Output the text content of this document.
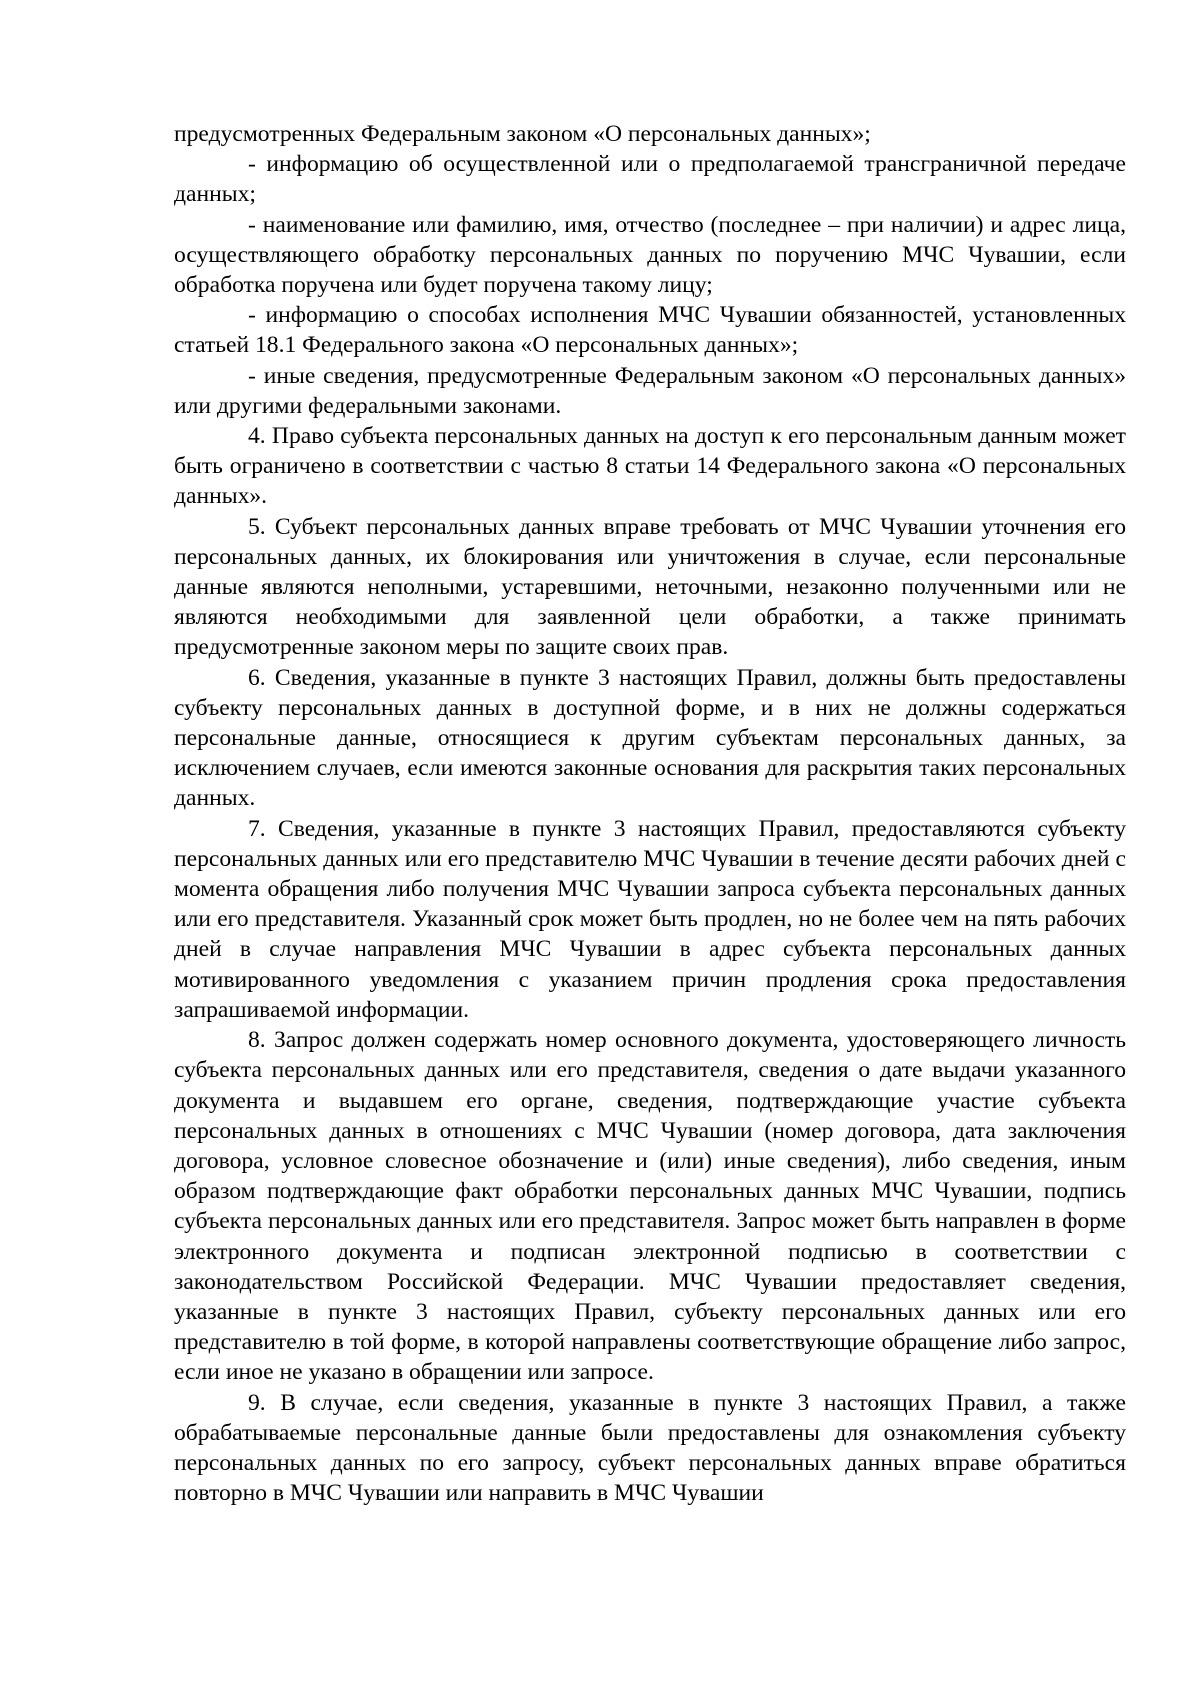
предусмотренных Федеральным законом «О персональных данных»;

- информацию об осуществленной или о предполагаемой трансграничной передаче данных;

- наименование или фамилию, имя, отчество (последнее – при наличии) и адрес лица, осуществляющего обработку персональных данных по поручению МЧС Чувашии, если обработка поручена или будет поручена такому лицу;

- информацию о способах исполнения МЧС Чувашии обязанностей, установленных статьей 18.1 Федерального закона «О персональных данных»;

- иные сведения, предусмотренные Федеральным законом «О персональных данных» или другими федеральными законами.

4. Право субъекта персональных данных на доступ к его персональным данным может быть ограничено в соответствии с частью 8 статьи 14 Федерального закона «О персональных данных».

5. Субъект персональных данных вправе требовать от МЧС Чувашии уточнения его персональных данных, их блокирования или уничтожения в случае, если персональные данные являются неполными, устаревшими, неточными, незаконно полученными или не являются необходимыми для заявленной цели обработки, а также принимать предусмотренные законом меры по защите своих прав.

6. Сведения, указанные в пункте 3 настоящих Правил, должны быть предоставлены субъекту персональных данных в доступной форме, и в них не должны содержаться персональные данные, относящиеся к другим субъектам персональных данных, за исключением случаев, если имеются законные основания для раскрытия таких персональных данных.

7. Сведения, указанные в пункте 3 настоящих Правил, предоставляются субъекту персональных данных или его представителю МЧС Чувашии в течение десяти рабочих дней с момента обращения либо получения МЧС Чувашии запроса субъекта персональных данных или его представителя. Указанный срок может быть продлен, но не более чем на пять рабочих дней в случае направления МЧС Чувашии в адрес субъекта персональных данных мотивированного уведомления с указанием причин продления срока предоставления запрашиваемой информации.

8. Запрос должен содержать номер основного документа, удостоверяющего личность субъекта персональных данных или его представителя, сведения о дате выдачи указанного документа и выдавшем его органе, сведения, подтверждающие участие субъекта персональных данных в отношениях с МЧС Чувашии (номер договора, дата заключения договора, условное словесное обозначение и (или) иные сведения), либо сведения, иным образом подтверждающие факт обработки персональных данных МЧС Чувашии, подпись субъекта персональных данных или его представителя. Запрос может быть направлен в форме электронного документа и подписан электронной подписью в соответствии с законодательством Российской Федерации. МЧС Чувашии предоставляет сведения, указанные в пункте 3 настоящих Правил, субъекту персональных данных или его представителю в той форме, в которой направлены соответствующие обращение либо запрос, если иное не указано в обращении или запросе.

9. В случае, если сведения, указанные в пункте 3 настоящих Правил, а также обрабатываемые персональные данные были предоставлены для ознакомления субъекту персональных данных по его запросу, субъект персональных данных вправе обратиться повторно в МЧС Чувашии или направить в МЧС Чувашии
